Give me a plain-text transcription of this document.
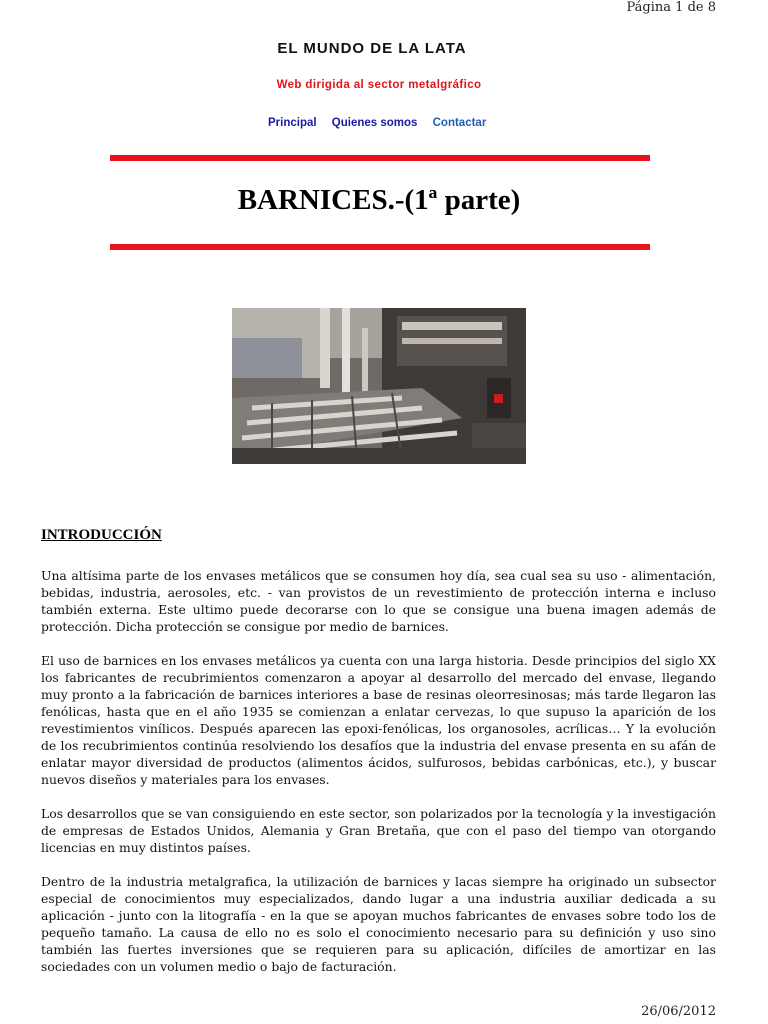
Página 1 de 8
EL MUNDO DE LA LATA
Web dirigida al sector metalgráfico
Principal Quienes somos Contactar
BARNICES.-(1ª parte)
INTRODUCCIÓN

Una altísima parte de los envases metálicos que se consumen hoy día, sea cual sea su uso - alimentación, bebidas, industria, aerosoles, etc. - van provistos de un revestimiento de protección interna e incluso también externa. Este ultimo puede decorarse con lo que se consigue una buena imagen además de protección. Dicha protección se consigue por medio de barnices.

El uso de barnices en los envases metálicos ya cuenta con una larga historia. Desde principios del siglo XX los fabricantes de recubrimientos comenzaron a apoyar al desarrollo del mercado del envase, llegando muy pronto a la fabricación de barnices interiores a base de resinas oleorresinosas; más tarde llegaron las fenólicas, hasta que en el año 1935 se comienzan a enlatar cervezas, lo que supuso la aparición de los revestimientos vinílicos. Después aparecen las epoxi-fenólicas, los organosoles, acrílicas… Y la evolución de los recubrimientos continúa resolviendo los desafíos que la industria del envase presenta en su afán de enlatar mayor diversidad de productos (alimentos ácidos, sulfurosos, bebidas carbónicas, etc.), y buscar nuevos diseños y materiales para los envases.

Los desarrollos que se van consiguiendo en este sector, son polarizados por la tecnología y la investigación de empresas de Estados Unidos, Alemania y Gran Bretaña, que con el paso del tiempo van otorgando licencias en muy distintos países.

Dentro de la industria metalgrafica, la utilización de barnices y lacas siempre ha originado un subsector especial de conocimientos muy especializados, dando lugar a una industria auxiliar dedicada a su aplicación - junto con la litografía - en la que se apoyan muchos fabricantes de envases sobre todo los de pequeño tamaño. La causa de ello no es solo el conocimiento necesario para su definición y uso sino también las fuertes inversiones que se requieren para su aplicación, difíciles de amortizar en las sociedades con un volumen medio o bajo de facturación.

26/06/2012
